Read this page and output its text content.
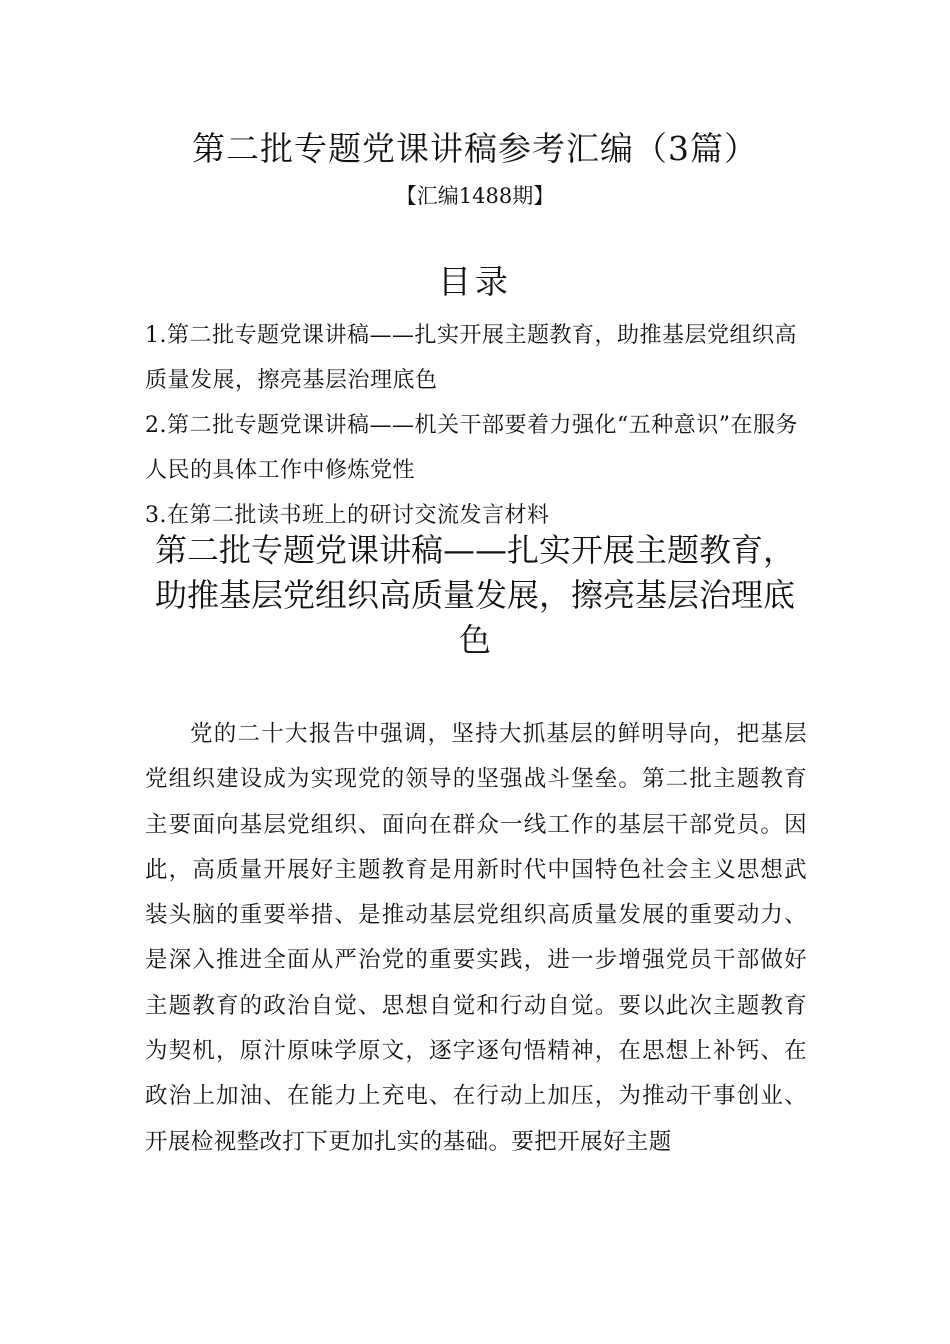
第二批专题党课讲稿参考汇编（3篇）
【汇编1488期】
目录
1.第二批专题党课讲稿——扎实开展主题教育，助推基层党组织高质量发展，擦亮基层治理底色
2.第二批专题党课讲稿——机关干部要着力强化“五种意识”在服务人民的具体工作中修炼党性
3.在第二批读书班上的研讨交流发言材料
第二批专题党课讲稿——扎实开展主题教育，助推基层党组织高质量发展，擦亮基层治理底色

党的二十大报告中强调，坚持大抓基层的鲜明导向，把基层党组织建设成为实现党的领导的坚强战斗堡垒。第二批主题教育主要面向基层党组织、面向在群众一线工作的基层干部党员。因此，高质量开展好主题教育是用新时代中国特色社会主义思想武装头脑的重要举措、是推动基层党组织高质量发展的重要动力、是深入推进全面从严治党的重要实践，进一步增强党员干部做好主题教育的政治自觉、思想自觉和行动自觉。要以此次主题教育为契机，原汁原味学原文，逐字逐句悟精神，在思想上补钙、在政治上加油、在能力上充电、在行动上加压，为推动干事创业、开展检视整改打下更加扎实的基础。要把开展好主题
